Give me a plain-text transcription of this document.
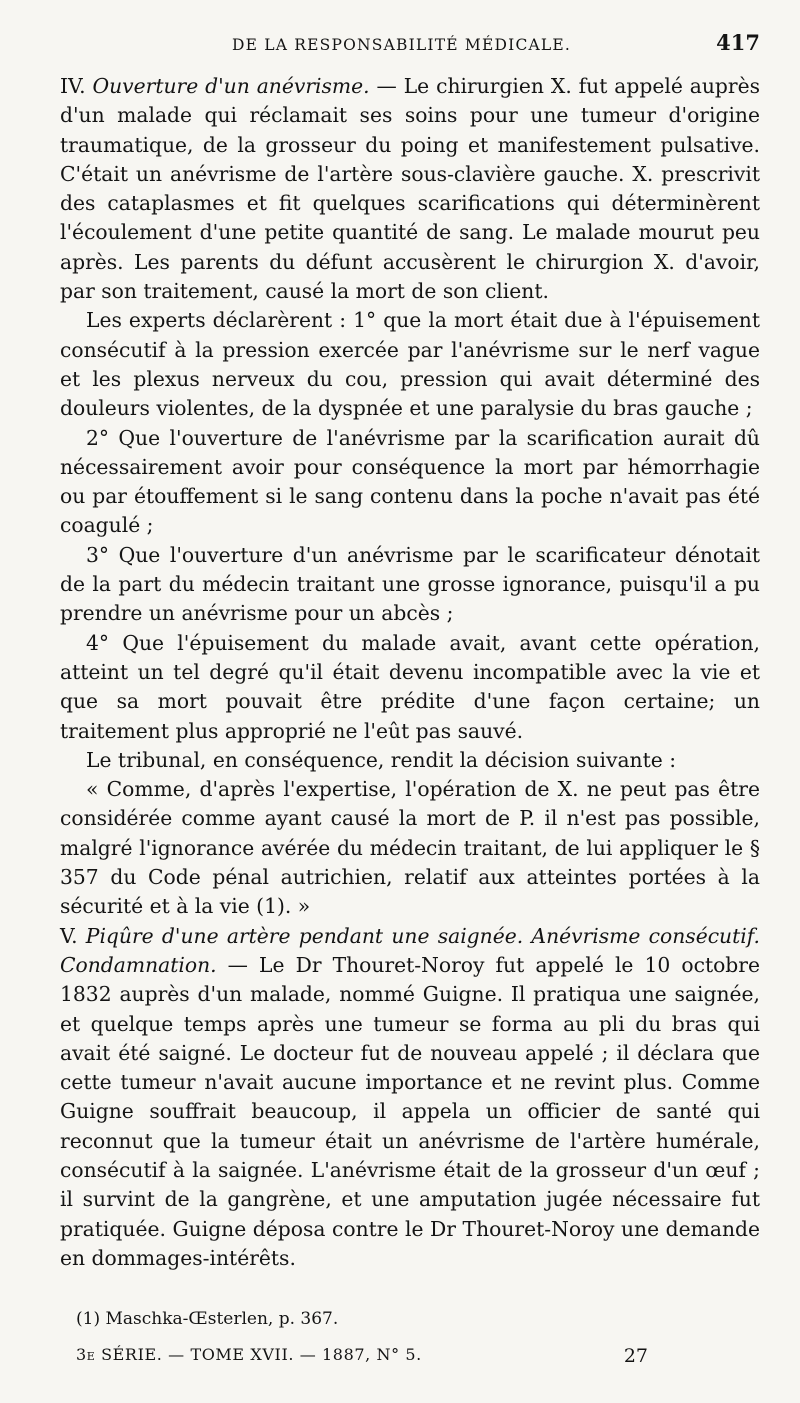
DE LA RESPONSABILITÉ MÉDICALE.	417

IV. Ouverture d'un anévrisme. — Le chirurgien X. fut appelé auprès d'un malade qui réclamait ses soins pour une tumeur d'origine traumatique, de la grosseur du poing et manifestement pulsative. C'était un anévrisme de l'artère sous-clavière gauche. X. prescrivit des cataplasmes et fit quelques scarifications qui déterminèrent l'écoulement d'une petite quantité de sang. Le malade mourut peu après. Les parents du défunt accusèrent le chirurgion X. d'avoir, par son traitement, causé la mort de son client.

Les experts déclarèrent : 1° que la mort était due à l'épuisement consécutif à la pression exercée par l'anévrisme sur le nerf vague et les plexus nerveux du cou, pression qui avait déterminé des douleurs violentes, de la dyspnée et une paralysie du bras gauche ;

2° Que l'ouverture de l'anévrisme par la scarification aurait dû nécessairement avoir pour conséquence la mort par hémorrhagie ou par étouffement si le sang contenu dans la poche n'avait pas été coagulé ;

3° Que l'ouverture d'un anévrisme par le scarificateur dénotait de la part du médecin traitant une grosse ignorance, puisqu'il a pu prendre un anévrisme pour un abcès ;

4° Que l'épuisement du malade avait, avant cette opération, atteint un tel degré qu'il était devenu incompatible avec la vie et que sa mort pouvait être prédite d'une façon certaine; un traitement plus approprié ne l'eût pas sauvé.

Le tribunal, en conséquence, rendit la décision suivante :

« Comme, d'après l'expertise, l'opération de X. ne peut pas être considérée comme ayant causé la mort de P. il n'est pas possible, malgré l'ignorance avérée du médecin traitant, de lui appliquer le § 357 du Code pénal autrichien, relatif aux atteintes portées à la sécurité et à la vie (1). »

V. Piqûre d'une artère pendant une saignée. Anévrisme consécutif. Condamnation. — Le Dr Thouret-Noroy fut appelé le 10 octobre 1832 auprès d'un malade, nommé Guigne. Il pratiqua une saignée, et quelque temps après une tumeur se forma au pli du bras qui avait été saigné. Le docteur fut de nouveau appelé ; il déclara que cette tumeur n'avait aucune importance et ne revint plus. Comme Guigne souffrait beaucoup, il appela un officier de santé qui reconnut que la tumeur était un anévrisme de l'artère humérale, consécutif à la saignée. L'anévrisme était de la grosseur d'un œuf ; il survint de la gangrène, et une amputation jugée nécessaire fut pratiquée. Guigne déposa contre le Dr Thouret-Noroy une demande en dommages-intérêts.

(1) Maschka-Œsterlen, p. 367.
3e SÉRIE. — TOME XVII. — 1887, N° 5.	27
